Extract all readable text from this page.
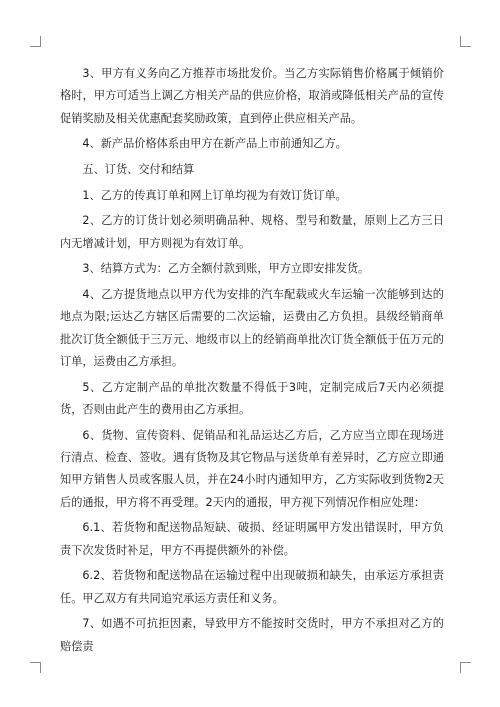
3、甲方有义务向乙方推荐市场批发价。当乙方实际销售价格属于倾销价格时，甲方可适当上调乙方相关产品的供应价格，取消或降低相关产品的宣传促销奖励及相关优惠配套奖励政策，直到停止供应相关产品。

4、新产品价格体系由甲方在新产品上市前通知乙方。

五、订货、交付和结算

1、乙方的传真订单和网上订单均视为有效订货订单。

2、乙方的订货计划必须明确品种、规格、型号和数量，原则上乙方三日内无增减计划，甲方则视为有效订单。

3、结算方式为：乙方全额付款到账，甲方立即安排发货。

4、乙方提货地点以甲方代为安排的汽车配载或火车运输一次能够到达的地点为限;运达乙方辖区后需要的二次运输，运费由乙方负担。县级经销商单批次订货全额低于三万元、地级市以上的经销商单批次订货全额低于伍万元的订单，运费由乙方承担。

5、乙方定制产品的单批次数量不得低于3吨，定制完成后7天内必须提货，否则由此产生的费用由乙方承担。

6、货物、宣传资料、促销品和礼品运达乙方后，乙方应当立即在现场进行清点、检查、签收。遇有货物及其它物品与送货单有差异时，乙方应立即通知甲方销售人员或客服人员，并在24小时内通知甲方，乙方实际收到货物2天后的通报，甲方将不再受理。2天内的通报，甲方视下列情况作相应处理：

6.1、若货物和配送物品短缺、破损、经证明属甲方发出错误时，甲方负责下次发货时补足，甲方不再提供额外的补偿。

6.2、若货物和配送物品在运输过程中出现破损和缺失，由承运方承担责任。甲乙双方有共同追究承运方责任和义务。

7、如遇不可抗拒因素，导致甲方不能按时交货时，甲方不承担对乙方的赔偿责
